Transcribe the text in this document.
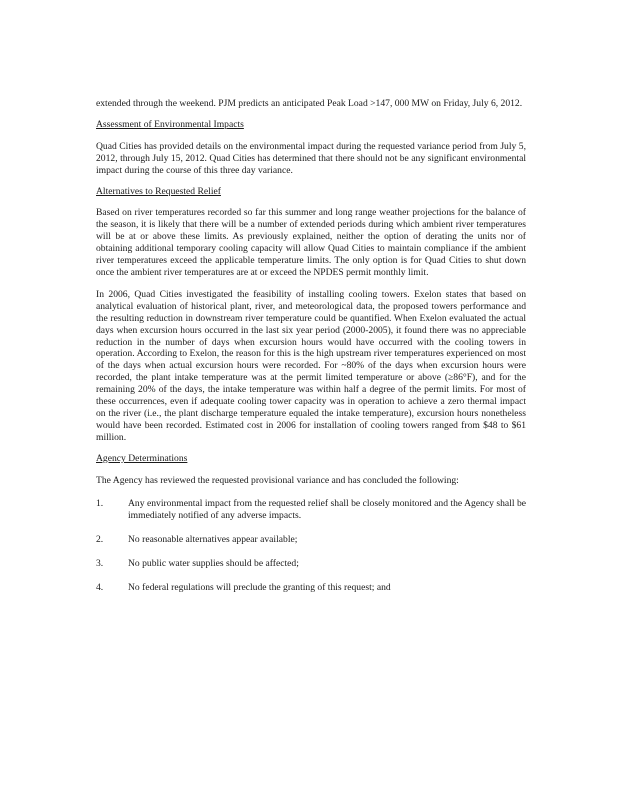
extended through the weekend. PJM predicts an anticipated Peak Load >147, 000 MW on Friday, July 6, 2012.

Assessment of Environmental Impacts

Quad Cities has provided details on the environmental impact during the requested variance period from July 5, 2012, through July 15, 2012. Quad Cities has determined that there should not be any significant environmental impact during the course of this three day variance.

Alternatives to Requested Relief

Based on river temperatures recorded so far this summer and long range weather projections for the balance of the season, it is likely that there will be a number of extended periods during which ambient river temperatures will be at or above these limits. As previously explained, neither the option of derating the units nor of obtaining additional temporary cooling capacity will allow Quad Cities to maintain compliance if the ambient river temperatures exceed the applicable temperature limits. The only option is for Quad Cities to shut down once the ambient river temperatures are at or exceed the NPDES permit monthly limit.

In 2006, Quad Cities investigated the feasibility of installing cooling towers. Exelon states that based on analytical evaluation of historical plant, river, and meteorological data, the proposed towers performance and the resulting reduction in downstream river temperature could be quantified. When Exelon evaluated the actual days when excursion hours occurred in the last six year period (2000-2005), it found there was no appreciable reduction in the number of days when excursion hours would have occurred with the cooling towers in operation. According to Exelon, the reason for this is the high upstream river temperatures experienced on most of the days when actual excursion hours were recorded. For ~80% of the days when excursion hours were recorded, the plant intake temperature was at the permit limited temperature or above (≥86°F), and for the remaining 20% of the days, the intake temperature was within half a degree of the permit limits. For most of these occurrences, even if adequate cooling tower capacity was in operation to achieve a zero thermal impact on the river (i.e., the plant discharge temperature equaled the intake temperature), excursion hours nonetheless would have been recorded. Estimated cost in 2006 for installation of cooling towers ranged from $48 to $61 million.

Agency Determinations

The Agency has reviewed the requested provisional variance and has concluded the following:

1.	Any environmental impact from the requested relief shall be closely monitored and the Agency shall be immediately notified of any adverse impacts.
2.	No reasonable alternatives appear available;
3.	No public water supplies should be affected;
4.	No federal regulations will preclude the granting of this request; and
